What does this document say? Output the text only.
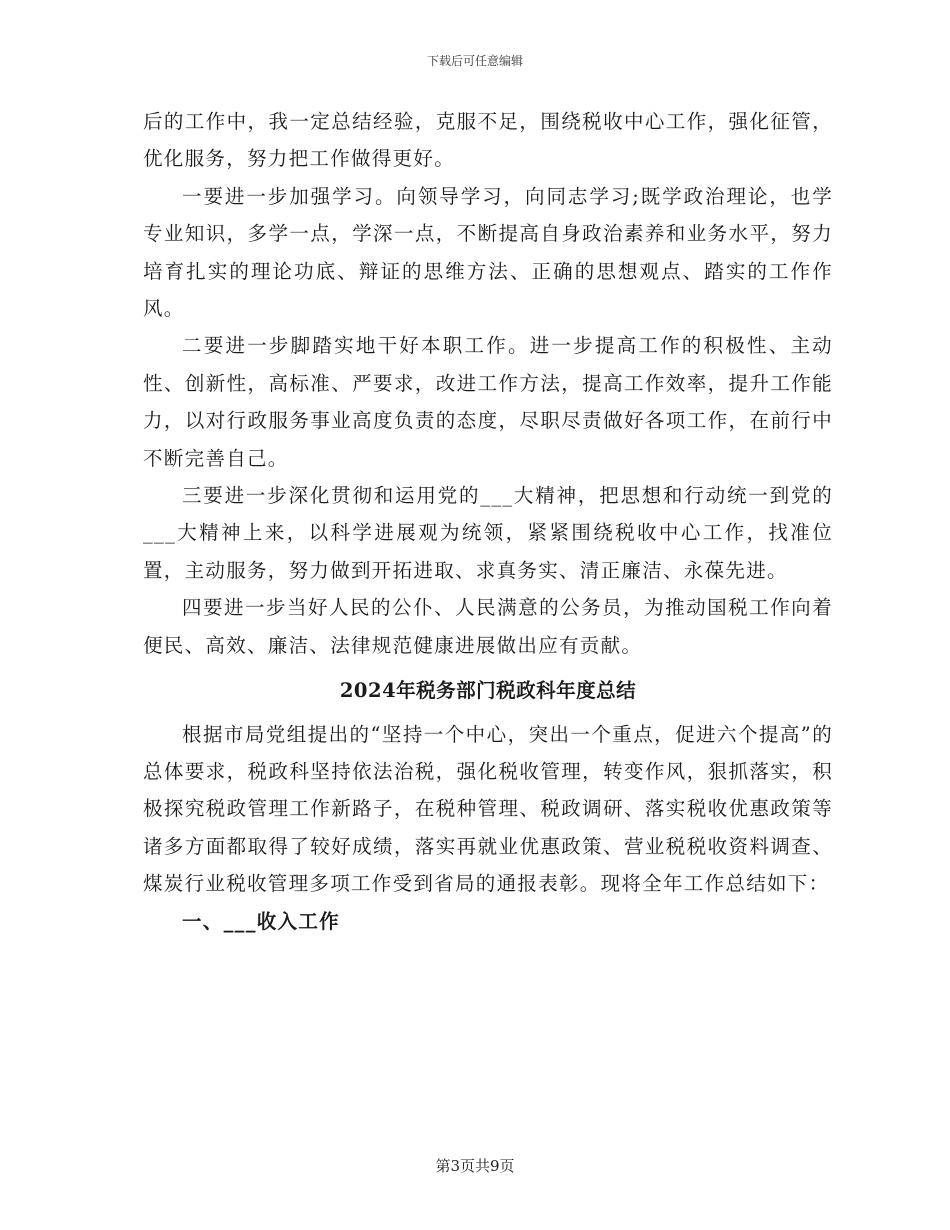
下载后可任意编辑

后的工作中，我一定总结经验，克服不足，围绕税收中心工作，强化征管，优化服务，努力把工作做得更好。

一要进一步加强学习。向领导学习，向同志学习;既学政治理论，也学专业知识，多学一点，学深一点，不断提高自身政治素养和业务水平，努力培育扎实的理论功底、辩证的思维方法、正确的思想观点、踏实的工作作风。

二要进一步脚踏实地干好本职工作。进一步提高工作的积极性、主动性、创新性，高标准、严要求，改进工作方法，提高工作效率，提升工作能力，以对行政服务事业高度负责的态度，尽职尽责做好各项工作，在前行中不断完善自己。

三要进一步深化贯彻和运用党的___大精神，把思想和行动统一到党的___大精神上来，以科学进展观为统领，紧紧围绕税收中心工作，找准位置，主动服务，努力做到开拓进取、求真务实、清正廉洁、永葆先进。

四要进一步当好人民的公仆、人民满意的公务员，为推动国税工作向着便民、高效、廉洁、法律规范健康进展做出应有贡献。

2024年税务部门税政科年度总结

根据市局党组提出的“坚持一个中心，突出一个重点，促进六个提高”的总体要求，税政科坚持依法治税，强化税收管理，转变作风，狠抓落实，积极探究税政管理工作新路子，在税种管理、税政调研、落实税收优惠政策等诸多方面都取得了较好成绩，落实再就业优惠政策、营业税税收资料调查、煤炭行业税收管理多项工作受到省局的通报表彰。现将全年工作总结如下：

一、___收入工作

第3页共9页
